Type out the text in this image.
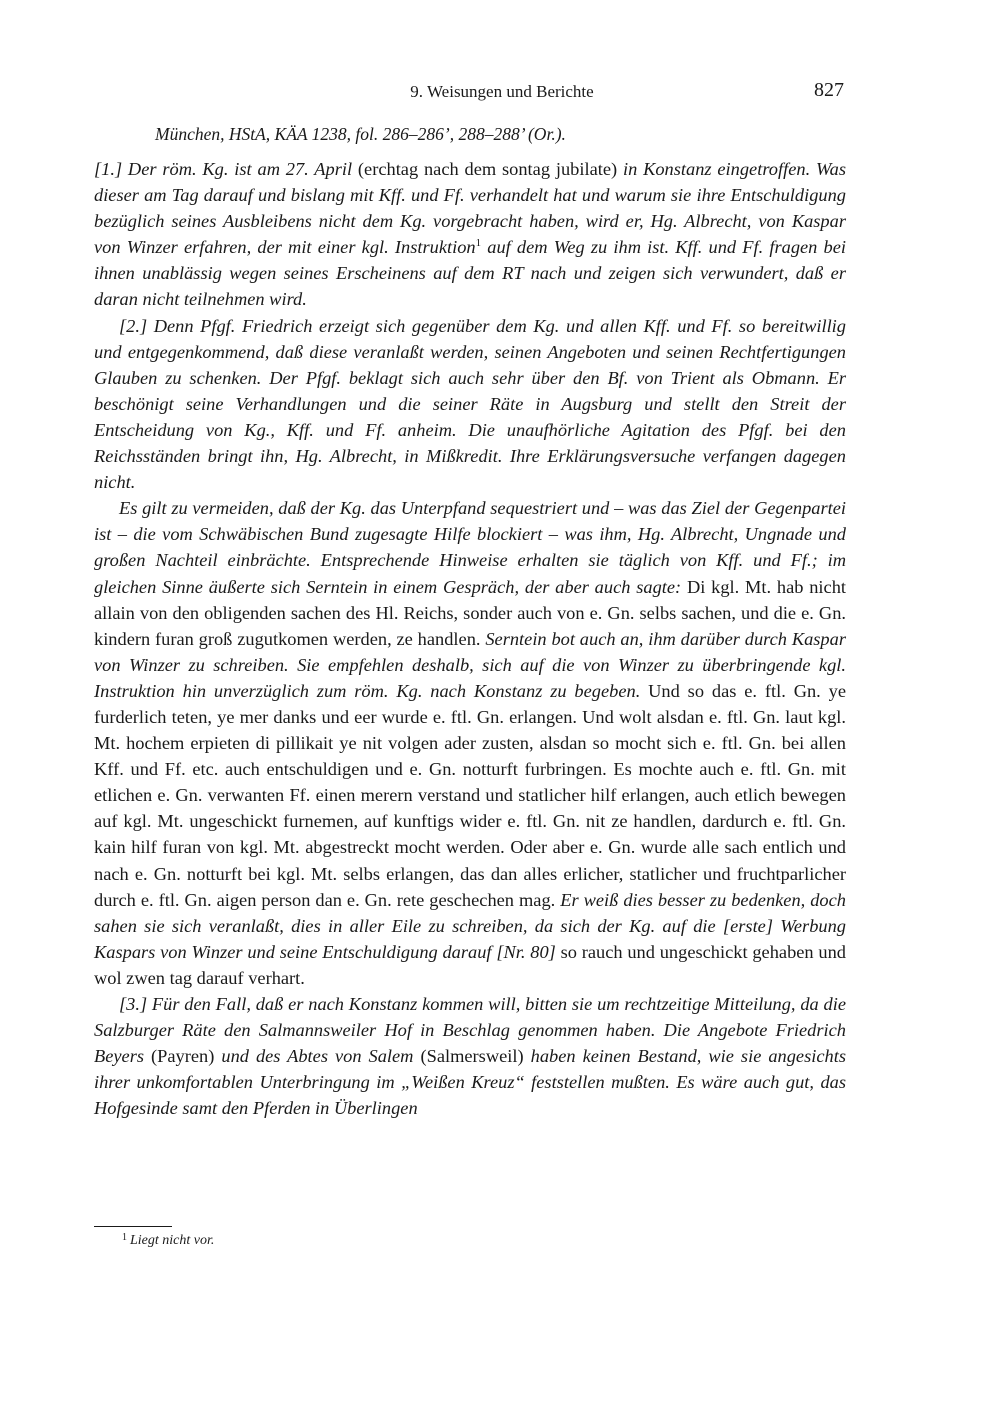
9. Weisungen und Berichte	827
München, HStA, KÄA 1238, fol. 286–286’, 288–288’ (Or.).

[1.] Der röm. Kg. ist am 27. April (erchtag nach dem sontag jubilate) in Konstanz eingetroffen. Was dieser am Tag darauf und bislang mit Kff. und Ff. verhandelt hat und warum sie ihre Entschuldigung bezüglich seines Ausbleibens nicht dem Kg. vorgebracht haben, wird er, Hg. Albrecht, von Kaspar von Winzer erfahren, der mit einer kgl. Instruktion$^1$ auf dem Weg zu ihm ist. Kff. und Ff. fragen bei ihnen unablässig wegen seines Erscheinens auf dem RT nach und zeigen sich verwundert, daß er daran nicht teilnehmen wird.

[2.] Denn Pfgf. Friedrich erzeigt sich gegenüber dem Kg. und allen Kff. und Ff. so bereitwillig und entgegenkommend, daß diese veranlaßt werden, seinen Angeboten und seinen Rechtfertigungen Glauben zu schenken. Der Pfgf. beklagt sich auch sehr über den Bf. von Trient als Obmann. Er beschönigt seine Verhandlungen und die seiner Räte in Augsburg und stellt den Streit der Entscheidung von Kg., Kff. und Ff. anheim. Die unaufhörliche Agitation des Pfgf. bei den Reichsständen bringt ihn, Hg. Albrecht, in Mißkredit. Ihre Erklärungsversuche verfangen dagegen nicht.

Es gilt zu vermeiden, daß der Kg. das Unterpfand sequestriert und – was das Ziel der Gegenpartei ist – die vom Schwäbischen Bund zugesagte Hilfe blockiert – was ihm, Hg. Albrecht, Ungnade und großen Nachteil einbrächte. Entsprechende Hinweise erhalten sie täglich von Kff. und Ff.; im gleichen Sinne äußerte sich Serntein in einem Gespräch, der aber auch sagte: Di kgl. Mt. hab nicht allain von den obligenden sachen des Hl. Reichs, sonder auch von e. Gn. selbs sachen, und die e. Gn. kindern furan groß zugutkomen werden, ze handlen. Serntein bot auch an, ihm darüber durch Kaspar von Winzer zu schreiben. Sie empfehlen deshalb, sich auf die von Winzer zu überbringende kgl. Instruktion hin unverzüglich zum röm. Kg. nach Konstanz zu begeben. Und so das e. ftl. Gn. ye furderlich teten, ye mer danks und eer wurde e. ftl. Gn. erlangen. Und wolt alsdan e. ftl. Gn. laut kgl. Mt. hochem erpieten di pillikait ye nit volgen ader zusten, alsdan so mocht sich e. ftl. Gn. bei allen Kff. und Ff. etc. auch entschuldigen und e. Gn. notturft furbringen. Es mochte auch e. ftl. Gn. mit etlichen e. Gn. verwanten Ff. einen merern verstand und statlicher hilf erlangen, auch etlich bewegen auf kgl. Mt. ungeschickt furnemen, auf kunftigs wider e. ftl. Gn. nit ze handlen, dardurch e. ftl. Gn. kain hilf furan von kgl. Mt. abgestreckt mocht werden. Oder aber e. Gn. wurde alle sach entlich und nach e. Gn. notturft bei kgl. Mt. selbs erlangen, das dan alles erlicher, statlicher und fruchtparlicher durch e. ftl. Gn. aigen person dan e. Gn. rete geschechen mag. Er weiß dies besser zu bedenken, doch sahen sie sich veranlaßt, dies in aller Eile zu schreiben, da sich der Kg. auf die [erste] Werbung Kaspars von Winzer und seine Entschuldigung darauf [Nr. 80] so rauch und ungeschickt gehaben und wol zwen tag darauf verhart.

[3.] Für den Fall, daß er nach Konstanz kommen will, bitten sie um rechtzeitige Mitteilung, da die Salzburger Räte den Salmannsweiler Hof in Beschlag genommen haben. Die Angebote Friedrich Beyers (Payren) und des Abtes von Salem (Salmersweil) haben keinen Bestand, wie sie angesichts ihrer unkomfortablen Unterbringung im „Weißen Kreuz“ feststellen mußten. Es wäre auch gut, das Hofgesinde samt den Pferden in Überlingen

$^1$ Liegt nicht vor.
